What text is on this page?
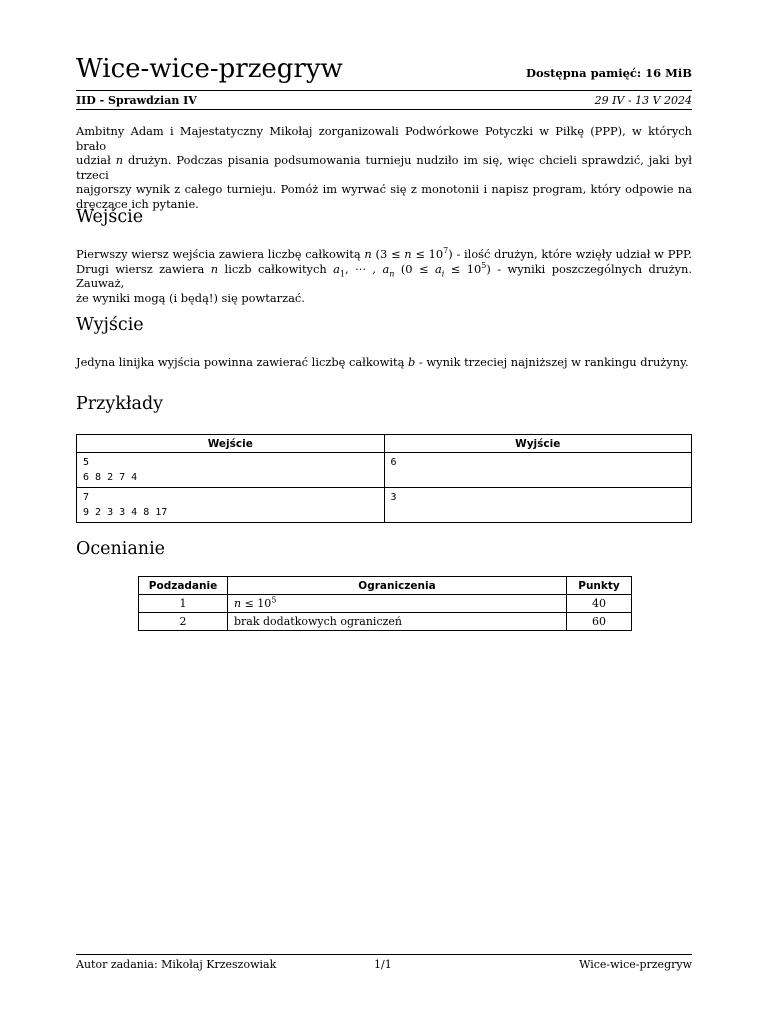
Wice-wice-przegryw	Dostępna pamięć: 16 MiB
IID - Sprawdzian IV	29 IV - 13 V 2024
Ambitny Adam i Majestatyczny Mikołaj zorganizowali Podwórkowe Potyczki w Piłkę (PPP), w których brało
udział n drużyn. Podczas pisania podsumowania turnieju nudziło im się, więc chcieli sprawdzić, jaki był trzeci
najgorszy wynik z całego turnieju. Pomóż im wyrwać się z monotonii i napisz program, który odpowie na
dręczące ich pytanie.
Wejście
Pierwszy wiersz wejścia zawiera liczbę całkowitą n $(3 \le n \le 10^7)$ - ilość drużyn, które wzięły udział w PPP.
Drugi wiersz zawiera n liczb całkowitych $a_1$, ··· , $a_n$ $(0 \le a_i \le 10^5)$ - wyniki poszczególnych drużyn. Zauważ,
że wyniki mogą (i będą!) się powtarzać.
Wyjście
Jedyna linijka wyjścia powinna zawierać liczbę całkowitą b - wynik trzeciej najniższej w rankingu drużyny.
Przykłady
Wejście	Wyjście

5
6 8 2 7 4	6

7
9 2 3 3 4 8 17	3
Ocenianie
Podzadanie	Ograniczenia	Punkty
1	$n \le 10^5$	40
2	brak dodatkowych ograniczeń	60
Autor zadania: Mikołaj Krzeszowiak	1/1	Wice-wice-przegryw
